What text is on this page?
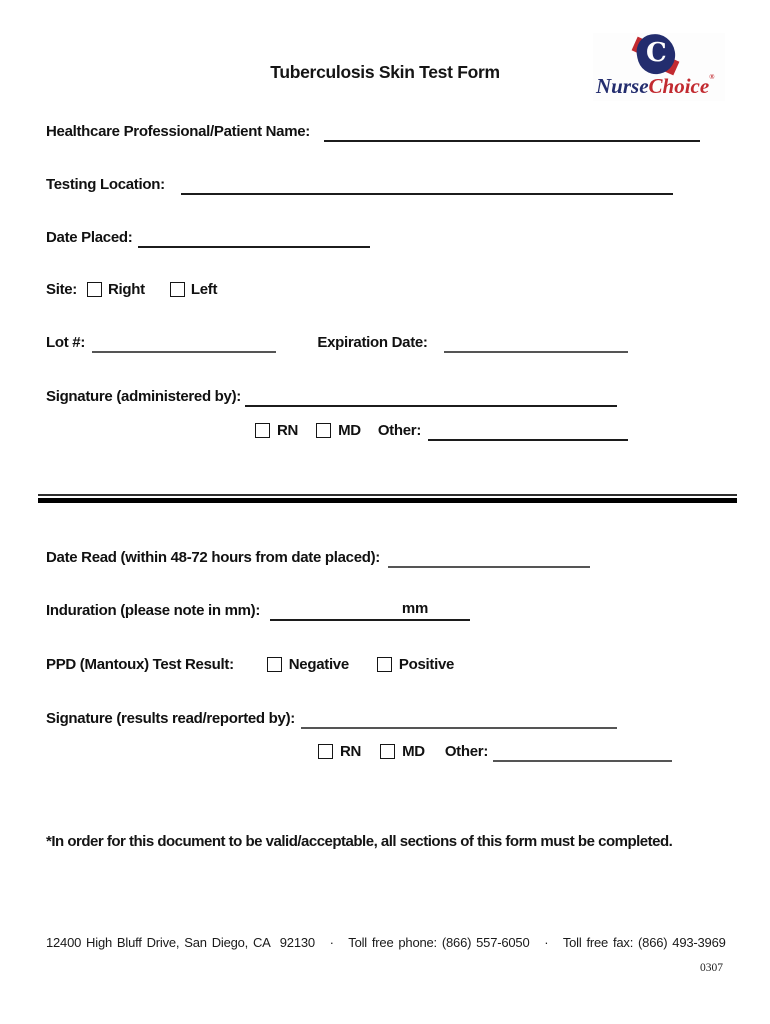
Tuberculosis Skin Test Form
C
NurseChoice®
Healthcare Professional/Patient Name:
Testing Location:
Date Placed:
Site: Right	Left
Lot #:	Expiration Date:
Signature (administered by):
RN	MD Other:
Date Read (within 48-72 hours from date placed):
Induration (please note in mm):	mm
PPD (Mantoux) Test Result:	Negative	Positive
Signature (results read/reported by):
RN	MD Other:
*In order for this document to be valid/acceptable, all sections of this form must be completed.
12400 High Bluff Drive, San Diego, CA  92130   ·   Toll free phone: (866) 557-6050   ·   Toll free fax: (866) 493-3969
0307
